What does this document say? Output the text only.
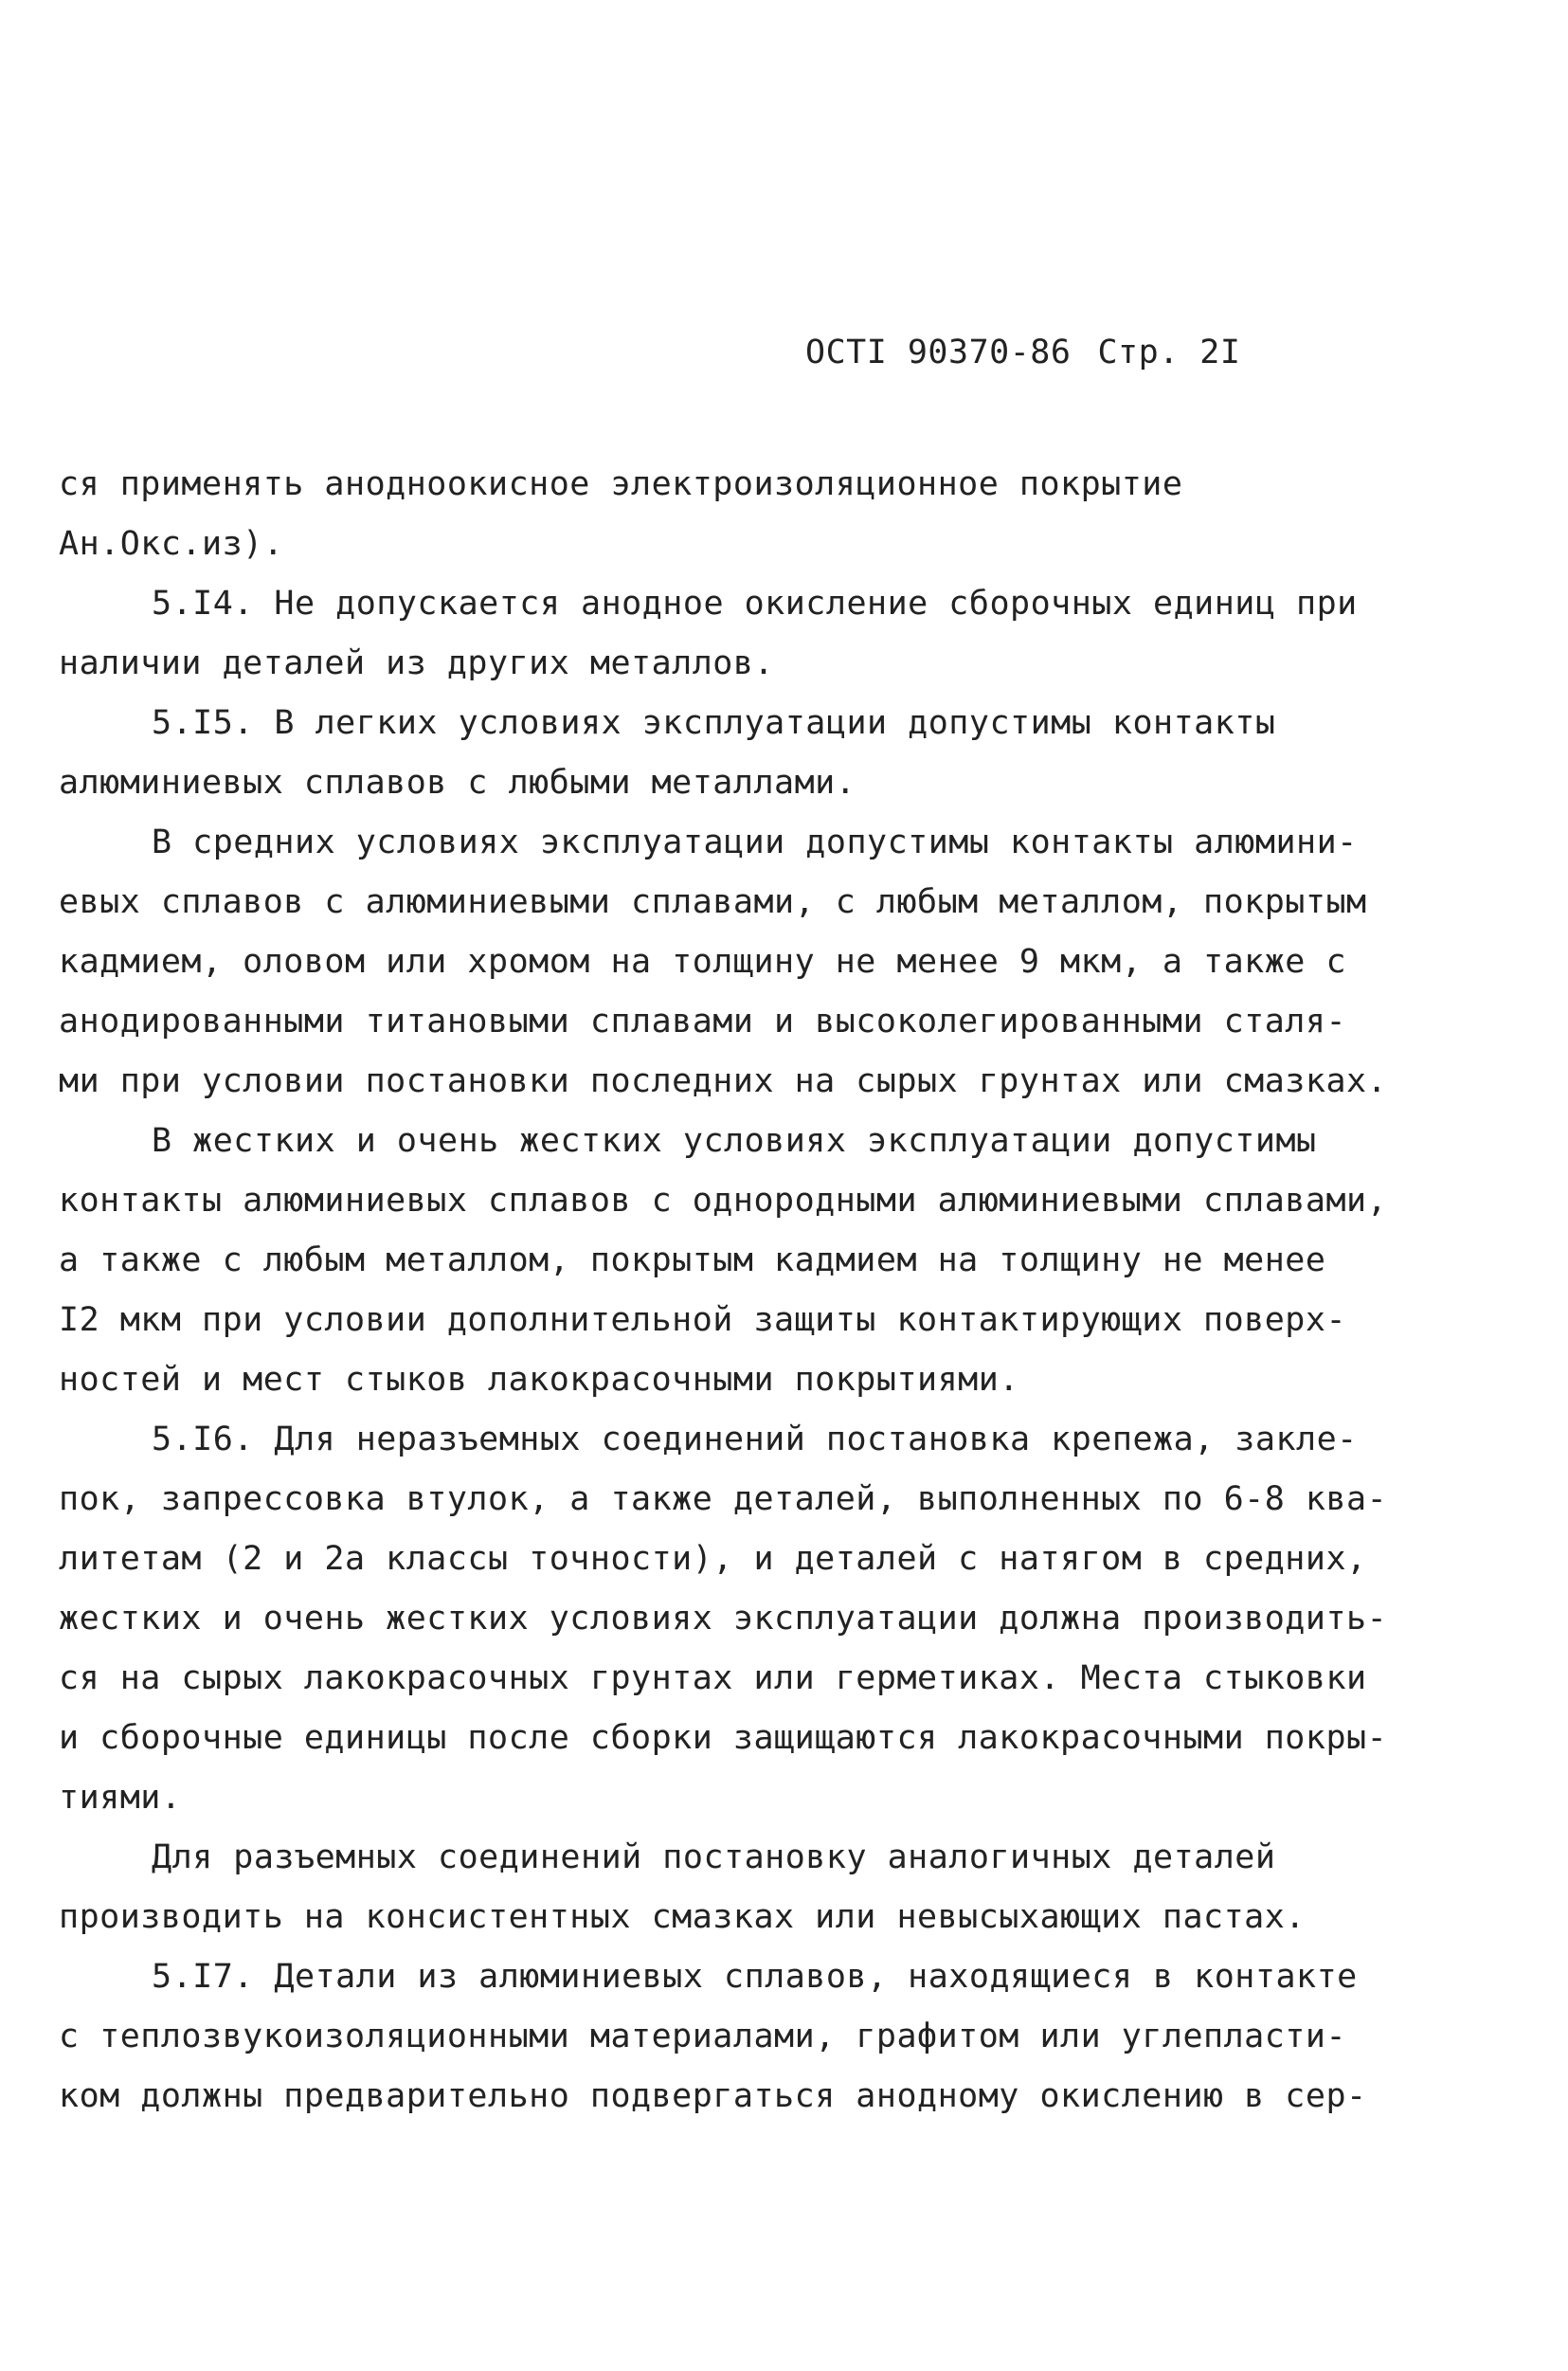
ОСТI 90370-86 Стр. 2I
ся применять анодноокисное электроизоляционное покрытие
Ан.Окс.из).
5.I4. Не допускается анодное окисление сборочных единиц при
наличии деталей из других металлов.
5.I5. В легких условиях эксплуатации допустимы контакты
алюминиевых сплавов с любыми металлами.
В средних условиях эксплуатации допустимы контакты алюмини-
евых сплавов с алюминиевыми сплавами, с любым металлом, покрытым
кадмием, оловом или хромом на толщину не менее 9 мкм, а также с
анодированными титановыми сплавами и высоколегированными сталя-
ми при условии постановки последних на сырых грунтах или смазках.
В жестких и очень жестких условиях эксплуатации допустимы
контакты алюминиевых сплавов с однородными алюминиевыми сплавами,
а также с любым металлом, покрытым кадмием на толщину не менее
I2 мкм при условии дополнительной защиты контактирующих поверх-
ностей и мест стыков лакокрасочными покрытиями.
5.I6. Для неразъемных соединений постановка крепежа, закле-
пок, запрессовка втулок, а также деталей, выполненных по 6-8 ква-
литетам (2 и 2а классы точности), и деталей с натягом в средних,
жестких и очень жестких условиях эксплуатации должна производить-
ся на сырых лакокрасочных грунтах или герметиках. Места стыковки
и сборочные единицы после сборки защищаются лакокрасочными покры-
тиями.
Для разъемных соединений постановку аналогичных деталей
производить на консистентных смазках или невысыхающих пастах.
5.I7. Детали из алюминиевых сплавов, находящиеся в контакте
с теплозвукоизоляционными материалами, графитом или углепласти-
ком должны предварительно подвергаться анодному окислению в сер-
